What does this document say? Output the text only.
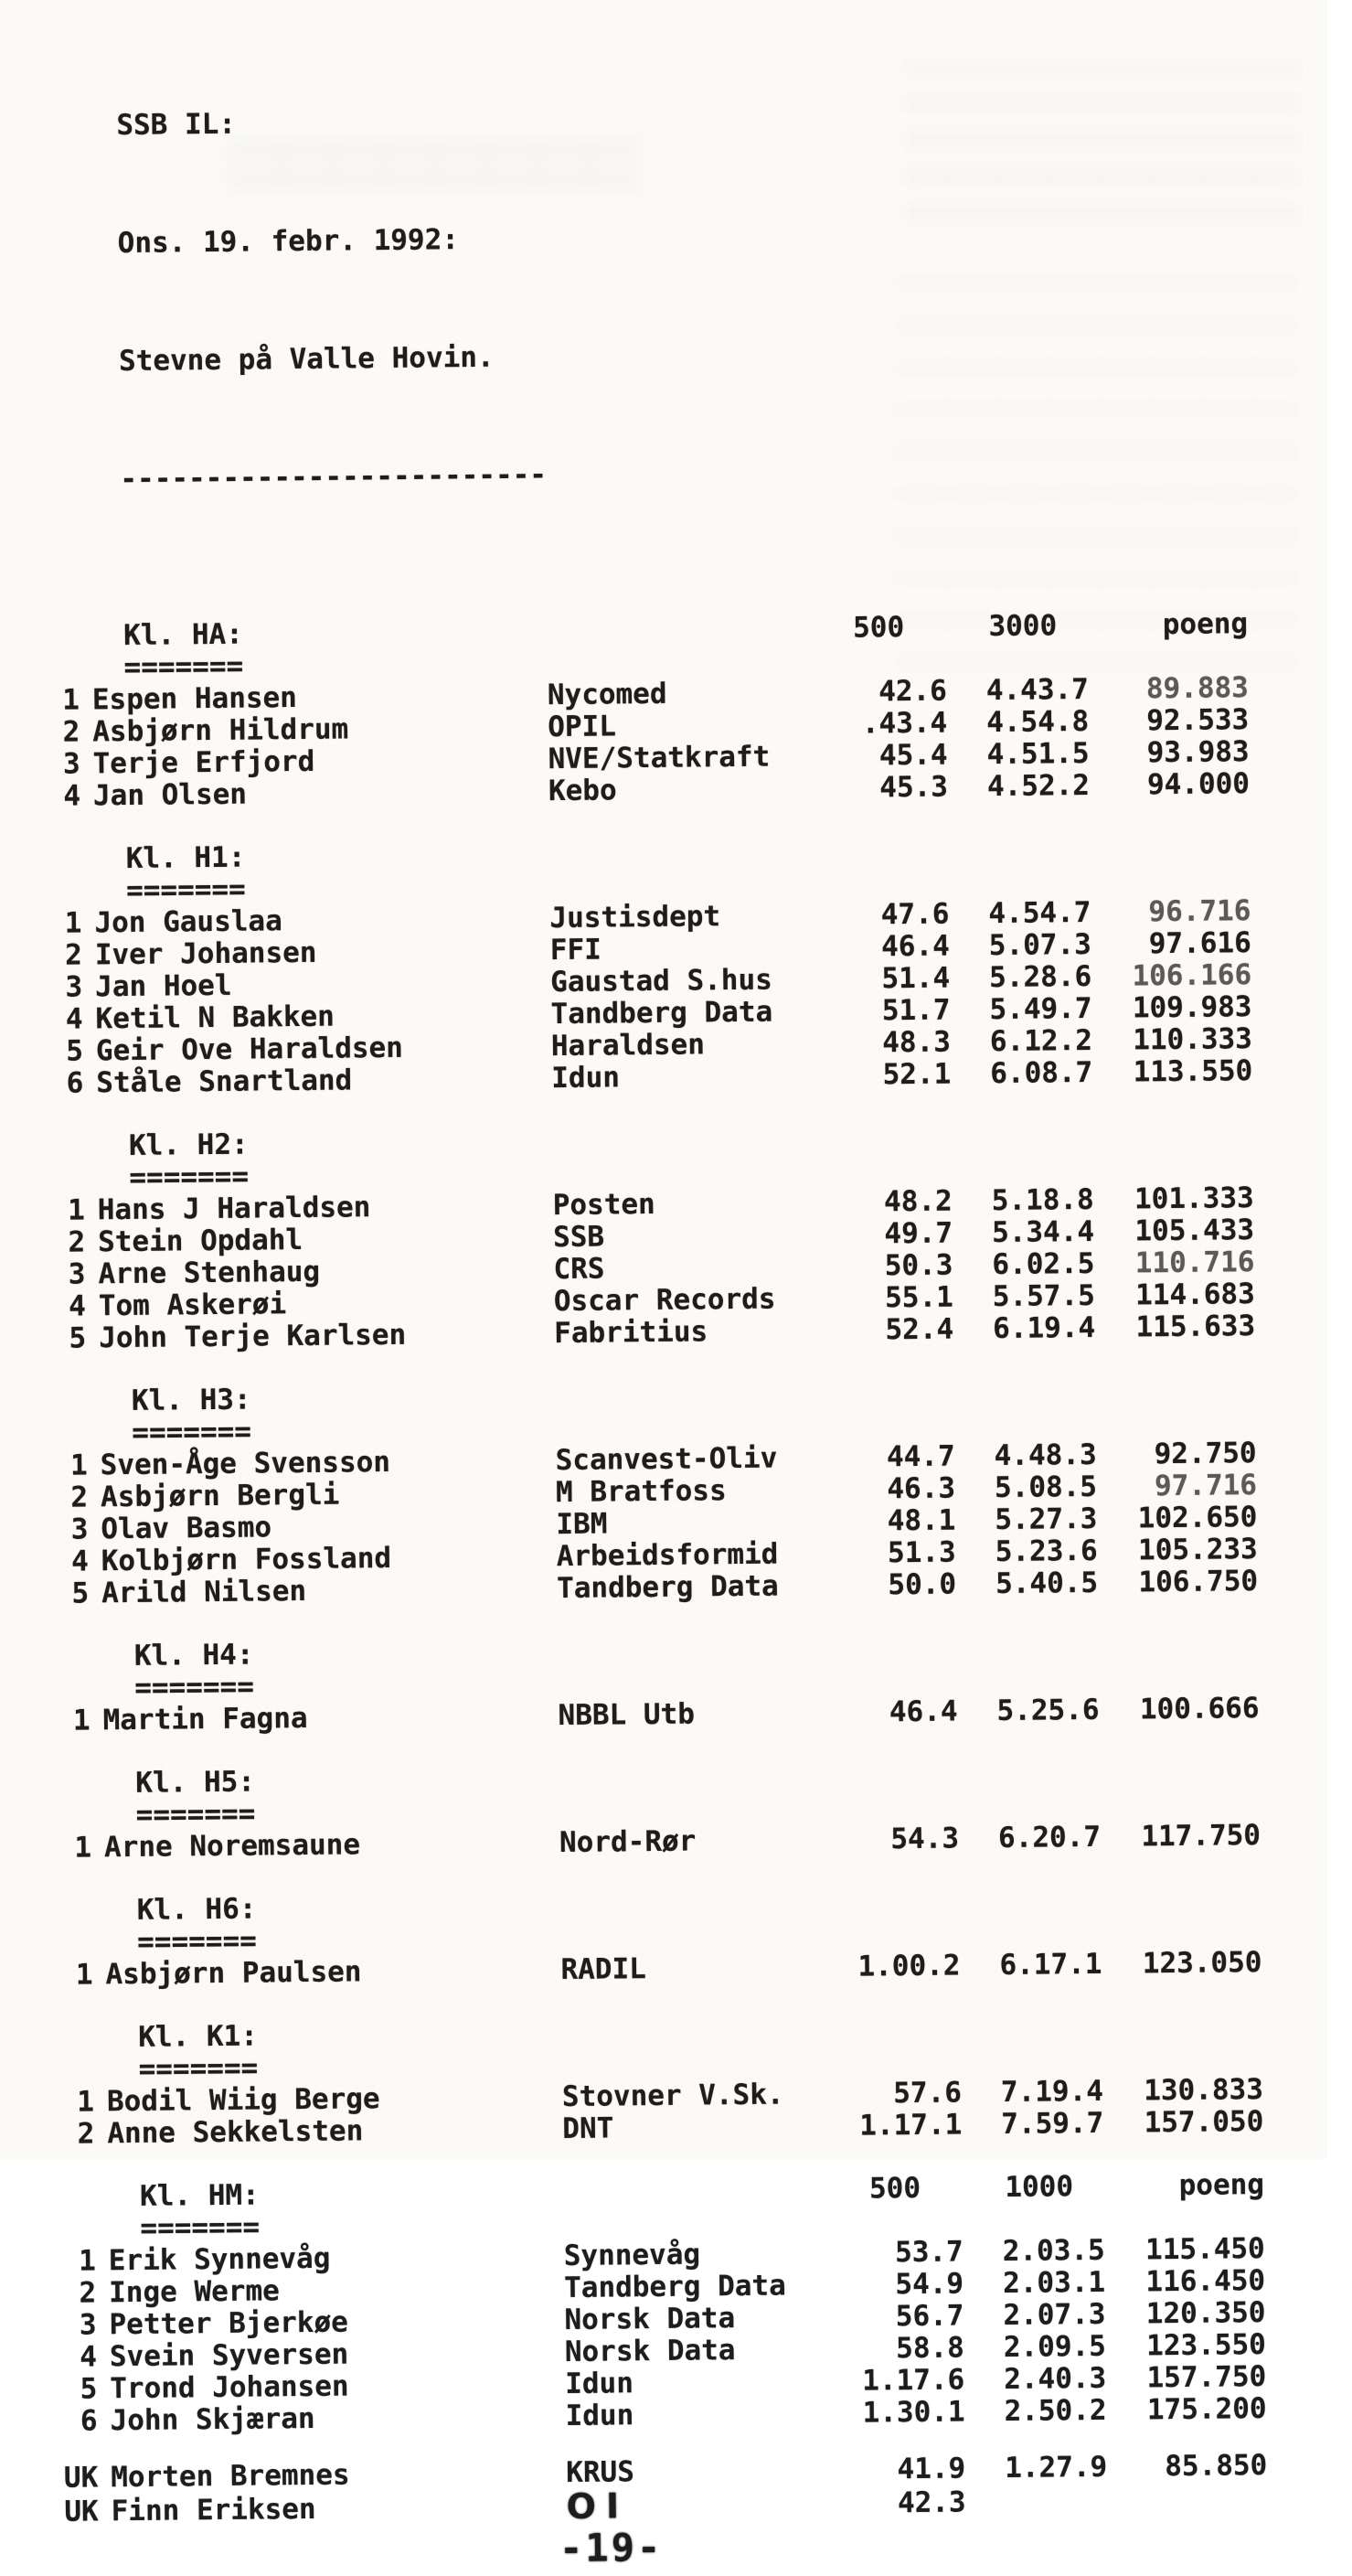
SSB IL:

Ons. 19. febr. 1992:

Stevne på Valle Hovin.

-------------------------

Kl. HA:	500	3000	poeng
=======
1 Espen Hansen	Nycomed	42.6	4.43.7	89.883
2 Asbjørn Hildrum	OPIL	.43.4	4.54.8	92.533
3 Terje Erfjord	NVE/Statkraft	45.4	4.51.5	93.983
4 Jan Olsen	Kebo	45.3	4.52.2	94.000
Kl. H1:
=======
1 Jon Gauslaa	Justisdept	47.6	4.54.7	96.716
2 Iver Johansen	FFI	46.4	5.07.3	97.616
3 Jan Hoel	Gaustad S.hus	51.4	5.28.6	106.166
4 Ketil N Bakken	Tandberg Data	51.7	5.49.7	109.983
5 Geir Ove Haraldsen	Haraldsen	48.3	6.12.2	110.333
6 Ståle Snartland	Idun	52.1	6.08.7	113.550
Kl. H2:
=======
1 Hans J Haraldsen	Posten	48.2	5.18.8	101.333
2 Stein Opdahl	SSB	49.7	5.34.4	105.433
3 Arne Stenhaug	CRS	50.3	6.02.5	110.716
4 Tom Askerøi	Oscar Records	55.1	5.57.5	114.683
5 John Terje Karlsen	Fabritius	52.4	6.19.4	115.633
Kl. H3:
=======
1 Sven-Åge Svensson	Scanvest-Oliv	44.7	4.48.3	92.750
2 Asbjørn Bergli	M Bratfoss	46.3	5.08.5	97.716
3 Olav Basmo	IBM	48.1	5.27.3	102.650
4 Kolbjørn Fossland	Arbeidsformid	51.3	5.23.6	105.233
5 Arild Nilsen	Tandberg Data	50.0	5.40.5	106.750
Kl. H4:
=======
1 Martin Fagna	NBBL Utb	46.4	5.25.6	100.666
Kl. H5:
=======
1 Arne Noremsaune	Nord-Rør	54.3	6.20.7	117.750
Kl. H6:
=======
1 Asbjørn Paulsen	RADIL	1.00.2	6.17.1	123.050
Kl. K1:
=======
1 Bodil Wiig Berge	Stovner V.Sk.	57.6	7.19.4	130.833
2 Anne Sekkelsten	DNT	1.17.1	7.59.7	157.050
Kl. HM:	500	1000	poeng
=======
1 Erik Synnevåg	Synnevåg	53.7	2.03.5	115.450
2 Inge Werme	Tandberg Data	54.9	2.03.1	116.450
3 Petter Bjerkøe	Norsk Data	56.7	2.07.3	120.350
4 Svein Syversen	Norsk Data	58.8	2.09.5	123.550
5 Trond Johansen	Idun	1.17.6	2.40.3	157.750
6 John Skjæran	Idun	1.30.1	2.50.2	175.200
UK Morten Bremnes	KRUS	41.9	1.27.9	85.850
UK Finn Eriksen	OI	42.3
-19-
